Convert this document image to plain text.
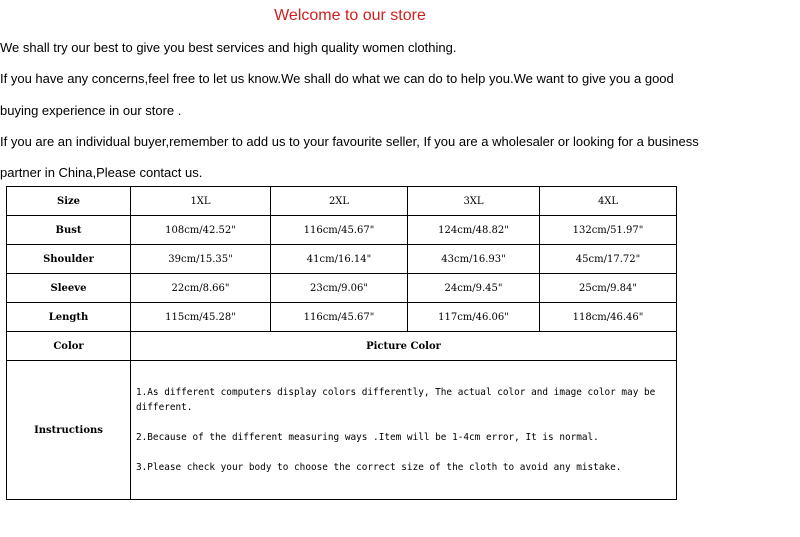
Welcome to our store
We shall try our best to give you best services and high quality women clothing.
If you have any concerns,feel free to let us know.We shall do what we can do to help you.We want to give you a good
buying experience in our store .
If you are an individual buyer,remember to add us to your favourite seller, If you are a wholesaler or looking for a business
partner in China,Please contact us.
Size	1XL	2XL	3XL	4XL
Bust	108cm/42.52"	116cm/45.67"	124cm/48.82"	132cm/51.97"
Shoulder	39cm/15.35"	41cm/16.14"	43cm/16.93"	45cm/17.72"
Sleeve	22cm/8.66"	23cm/9.06"	24cm/9.45"	25cm/9.84"
Length	115cm/45.28"	116cm/45.67"	117cm/46.06"	118cm/46.46"
Color	Picture Color			
Instructions	1.As different computers display colors differently, The actual color and image color may be different.
2.Because of the different measuring ways .Item will be 1-4cm error, It is normal.
3.Please check your body to choose the correct size of the cloth to avoid any mistake.			
